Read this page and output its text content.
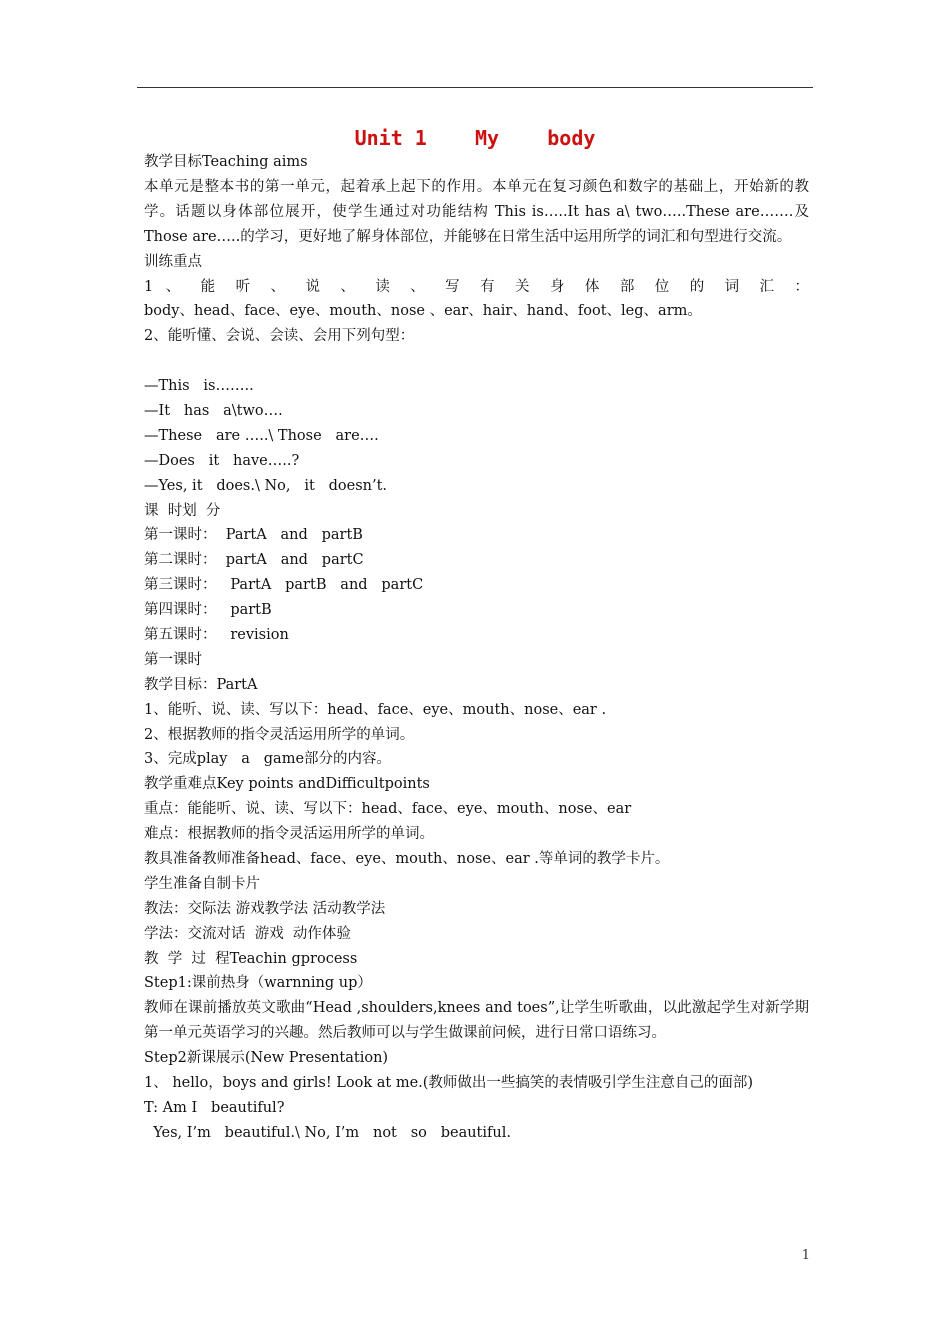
Unit 1    My    body
教学目标Teaching aims
本单元是整本书的第一单元，起着承上起下的作用。本单元在复习颜色和数字的基础上，开始新的教学。话题以身体部位展开，使学生通过对功能结构 This is…..It has a\ two…..These are…….及Those are…..的学习，更好地了解身体部位，并能够在日常生活中运用所学的词汇和句型进行交流。
训练重点
1 、 能 听 、 说 、 读 、 写 有 关 身 体 部 位 的 词 汇 ：
body、head、face、eye、mouth、nose 、ear、hair、hand、foot、leg、arm。
2、能听懂、会说、会读、会用下列句型：
—This   is……..
—It   has   a\two….
—These   are …..\ Those   are….
—Does   it   have…..?
—Yes, it   does.\ No,   it   doesn’t.
课  时划  分
第一课时：  PartA   and   partB
第二课时：  partA   and   partC
第三课时：   PartA   partB   and   partC
第四课时：   partB
第五课时：   revision
第一课时
教学目标：PartA
1、能听、说、读、写以下：head、face、eye、mouth、nose、ear .
2、根据教师的指令灵活运用所学的单词。
3、完成play   a   game部分的内容。
教学重难点Key points andDifficultpoints
重点：能能听、说、读、写以下：head、face、eye、mouth、nose、ear
难点：根据教师的指令灵活运用所学的单词。
教具准备教师准备head、face、eye、mouth、nose、ear .等单词的教学卡片。
学生准备自制卡片
教法：交际法 游戏教学法 活动教学法
学法：交流对话  游戏  动作体验
教  学  过  程Teachin gprocess
Step1:课前热身（warnning up）
教师在课前播放英文歌曲“Head ,shoulders,knees and toes”,让学生听歌曲，以此激起学生对新学期第一单元英语学习的兴趣。然后教师可以与学生做课前问候，进行日常口语练习。
Step2新课展示(New Presentation)
1、 hello，boys and girls! Look at me.(教师做出一些搞笑的表情吸引学生注意自己的面部)
T: Am I   beautiful?
Yes, I’m   beautiful.\ No, I’m   not   so   beautiful.
1
